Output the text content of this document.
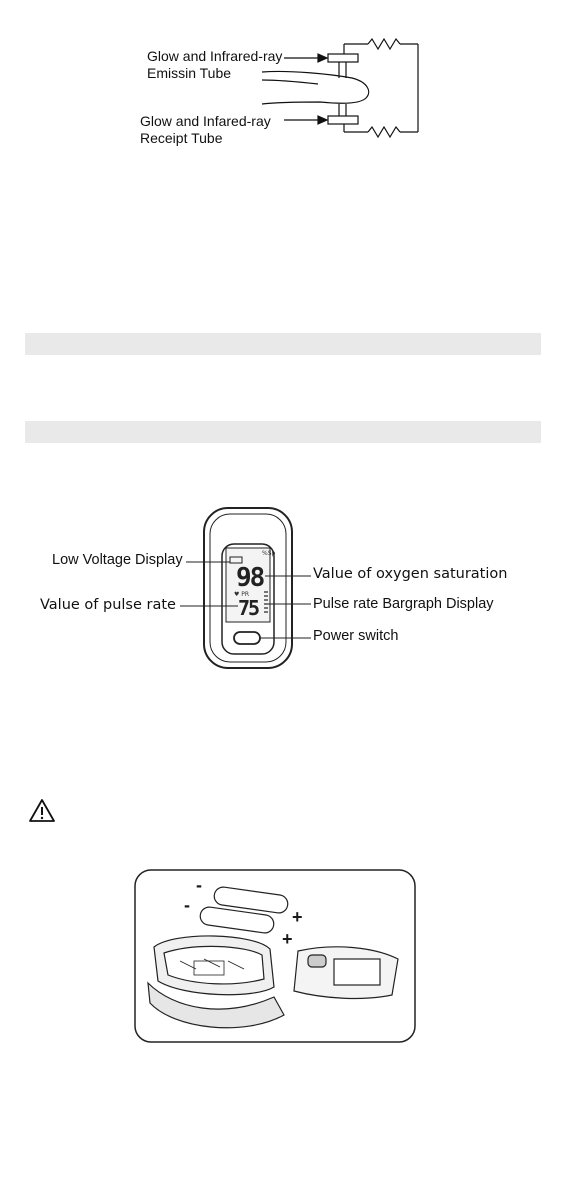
Glow and Infrared-ray
Emissin Tube
Glow and Infared-ray
Receipt Tube
%Sp
98
♥ PR
75
Low Voltage Display
Value of pulse rate
Value of oxygen saturation
Pulse rate Bargraph Display
Power switch
-
-
+
+
